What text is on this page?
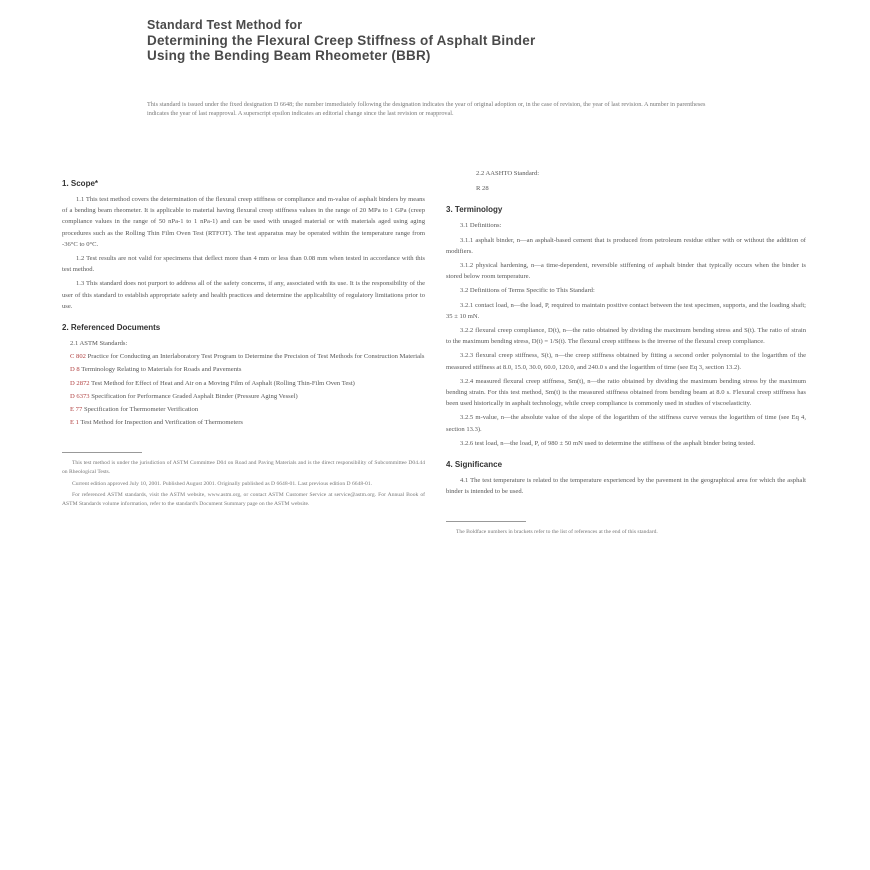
Standard Test Method for
Determining the Flexural Creep Stiffness of Asphalt Binder
Using the Bending Beam Rheometer (BBR)
This standard is issued under the fixed designation D 6648; the number immediately following the designation indicates the year of original adoption or, in the case of revision, the year of last revision. A number in parentheses indicates the year of last reapproval. A superscript epsilon indicates an editorial change since the last revision or reapproval.
1. Scope*

1.1 This test method covers the determination of the flexural creep stiffness or compliance and m-value of asphalt binders by means of a bending beam rheometer. It is applicable to material having flexural creep stiffness values in the range of 20 MPa to 1 GPa (creep compliance values in the range of 50 nPa-1 to 1 nPa-1) and can be used with unaged material or with materials aged using aging procedures such as the Rolling Thin Film Oven Test (RTFOT). The test apparatus may be operated within the temperature range from -36°C to 0°C.

1.2 Test results are not valid for specimens that deflect more than 4 mm or less than 0.08 mm when tested in accordance with this test method.

1.3 This standard does not purport to address all of the safety concerns, if any, associated with its use. It is the responsibility of the user of this standard to establish appropriate safety and health practices and determine the applicability of regulatory limitations prior to use.

2. Referenced Documents

2.1 ASTM Standards:

C 802 Practice for Conducting an Interlaboratory Test Program to Determine the Precision of Test Methods for Construction Materials

D 8 Terminology Relating to Materials for Roads and Pavements

D 2872 Test Method for Effect of Heat and Air on a Moving Film of Asphalt (Rolling Thin-Film Oven Test)

D 6373 Specification for Performance Graded Asphalt Binder (Pressure Aging Vessel)

E 77 Specification for Thermometer Verification

E 1 Test Method for Inspection and Verification of Thermometers

This test method is under the jurisdiction of ASTM Committee D04 on Road and Paving Materials and is the direct responsibility of Subcommittee D04.44 on Rheological Tests.

Current edition approved July 10, 2001. Published August 2001. Originally published as D 6648-01. Last previous edition D 6648-01.

For referenced ASTM standards, visit the ASTM website, www.astm.org, or contact ASTM Customer Service at service@astm.org. For Annual Book of ASTM Standards volume information, refer to the standard's Document Summary page on the ASTM website.

2.2 AASHTO Standard:

R 28

3. Terminology

3.1 Definitions:

3.1.1 asphalt binder, n—an asphalt-based cement that is produced from petroleum residue either with or without the addition of modifiers.

3.1.2 physical hardening, n—a time-dependent, reversible stiffening of asphalt binder that typically occurs when the binder is stored below room temperature.

3.2 Definitions of Terms Specific to This Standard:

3.2.1 contact load, n—the load, P, required to maintain positive contact between the test specimen, supports, and the loading shaft; 35 ± 10 mN.

3.2.2 flexural creep compliance, D(t), n—the ratio obtained by dividing the maximum bending stress and S(t). The ratio of strain to the maximum bending stress, D(t) = 1/S(t). The flexural creep stiffness is the inverse of the flexural creep compliance.

3.2.3 flexural creep stiffness, S(t), n—the creep stiffness obtained by fitting a second order polynomial to the logarithm of the measured stiffness at 8.0, 15.0, 30.0, 60.0, 120.0, and 240.0 s and the logarithm of time (see Eq 3, section 13.2).

3.2.4 measured flexural creep stiffness, Sm(t), n—the ratio obtained by dividing the maximum bending stress by the maximum bending strain. For this test method, Sm(t) is the measured stiffness obtained from bending beam at 8.0 s. Flexural creep stiffness has been used historically in asphalt technology, while creep compliance is commonly used in studies of viscoelasticity.

3.2.5 m-value, n—the absolute value of the slope of the logarithm of the stiffness curve versus the logarithm of time (see Eq 4, section 13.3).

3.2.6 test load, n—the load, P, of 980 ± 50 mN used to determine the stiffness of the asphalt binder being tested.

4. Significance

4.1 The test temperature is related to the temperature experienced by the pavement in the geographical area for which the asphalt binder is intended to be used.

The Boldface numbers in brackets refer to the list of references at the end of this standard.
